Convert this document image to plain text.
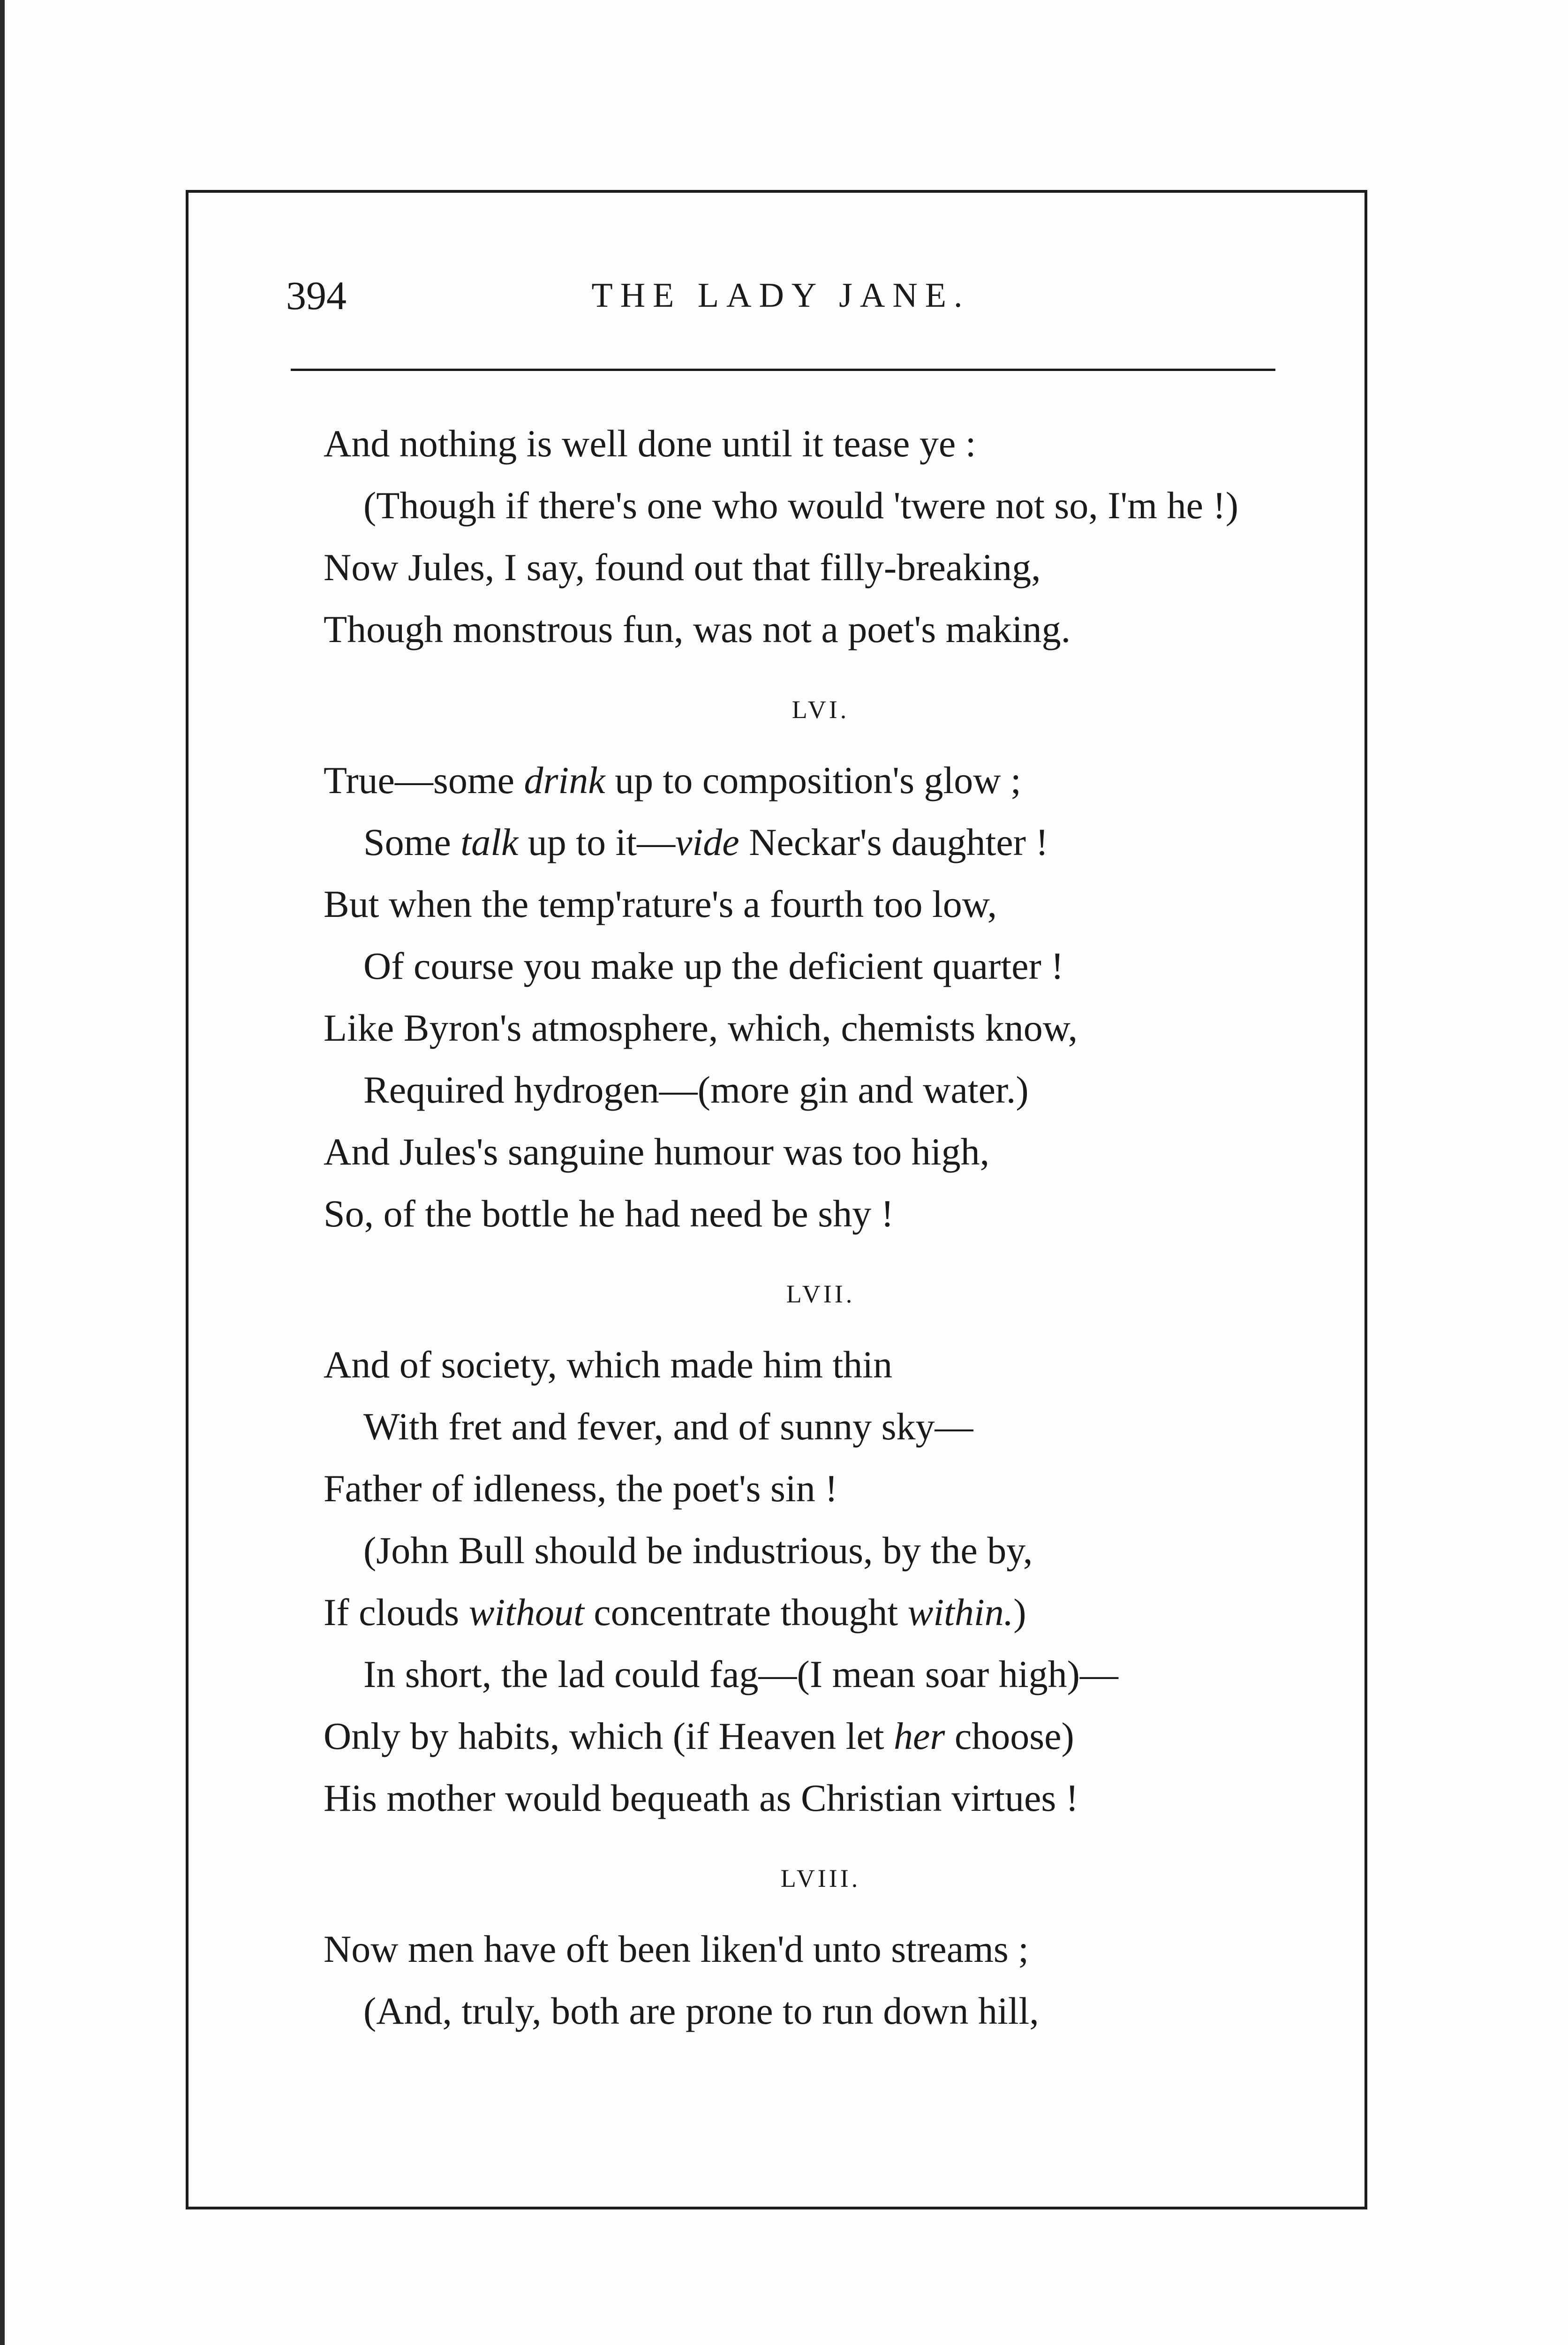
394	THE LADY JANE.
And nothing is well done until it tease ye :
(Though if there's one who would 'twere not so, I'm he !)
Now Jules, I say, found out that filly-breaking,
Though monstrous fun, was not a poet's making.
LVI.
True—some drink up to composition's glow ;
Some talk up to it—vide Neckar's daughter !
But when the temp'rature's a fourth too low,
Of course you make up the deficient quarter !
Like Byron's atmosphere, which, chemists know,
Required hydrogen—(more gin and water.)
And Jules's sanguine humour was too high,
So, of the bottle he had need be shy !
LVII.
And of society, which made him thin
With fret and fever, and of sunny sky—
Father of idleness, the poet's sin !
(John Bull should be industrious, by the by,
If clouds without concentrate thought within.)
In short, the lad could fag—(I mean soar high)—
Only by habits, which (if Heaven let her choose)
His mother would bequeath as Christian virtues !
LVIII.
Now men have oft been liken'd unto streams ;
(And, truly, both are prone to run down hill,
